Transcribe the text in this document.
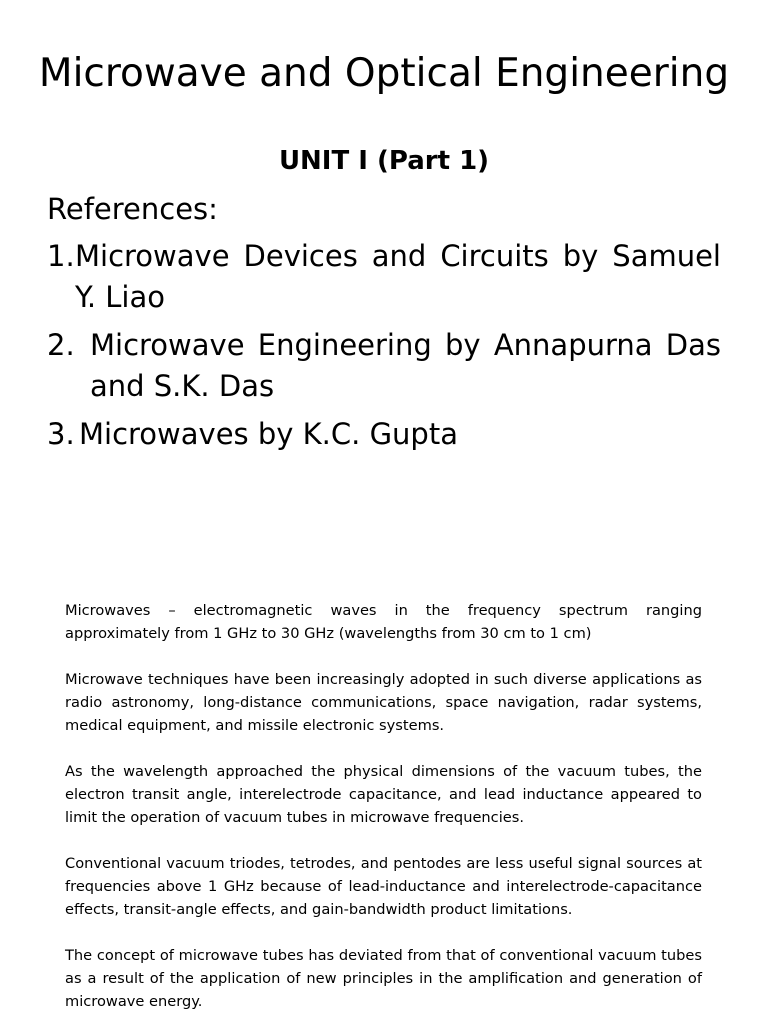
Microwave and Optical Engineering
UNIT I (Part 1)
References:
1. Microwave Devices and Circuits by Samuel Y. Liao
2. Microwave Engineering by Annapurna Das and S.K. Das
3. Microwaves by K.C. Gupta

Microwaves – electromagnetic waves in the frequency spectrum ranging approximately from 1 GHz to 30 GHz (wavelengths from 30 cm to 1 cm)

Microwave techniques have been increasingly adopted in such diverse applications as radio astronomy, long-distance communications, space navigation, radar systems, medical equipment, and missile electronic systems.

As the wavelength approached the physical dimensions of the vacuum tubes, the electron transit angle, interelectrode capacitance, and lead inductance appeared to limit the operation of vacuum tubes in microwave frequencies.

Conventional vacuum triodes, tetrodes, and pentodes are less useful signal sources at frequencies above 1 GHz because of lead-inductance and interelectrode-capacitance effects, transit-angle effects, and gain-bandwidth product limitations.

The concept of microwave tubes has deviated from that of conventional vacuum tubes as a result of the application of new principles in the amplification and generation of microwave energy.
